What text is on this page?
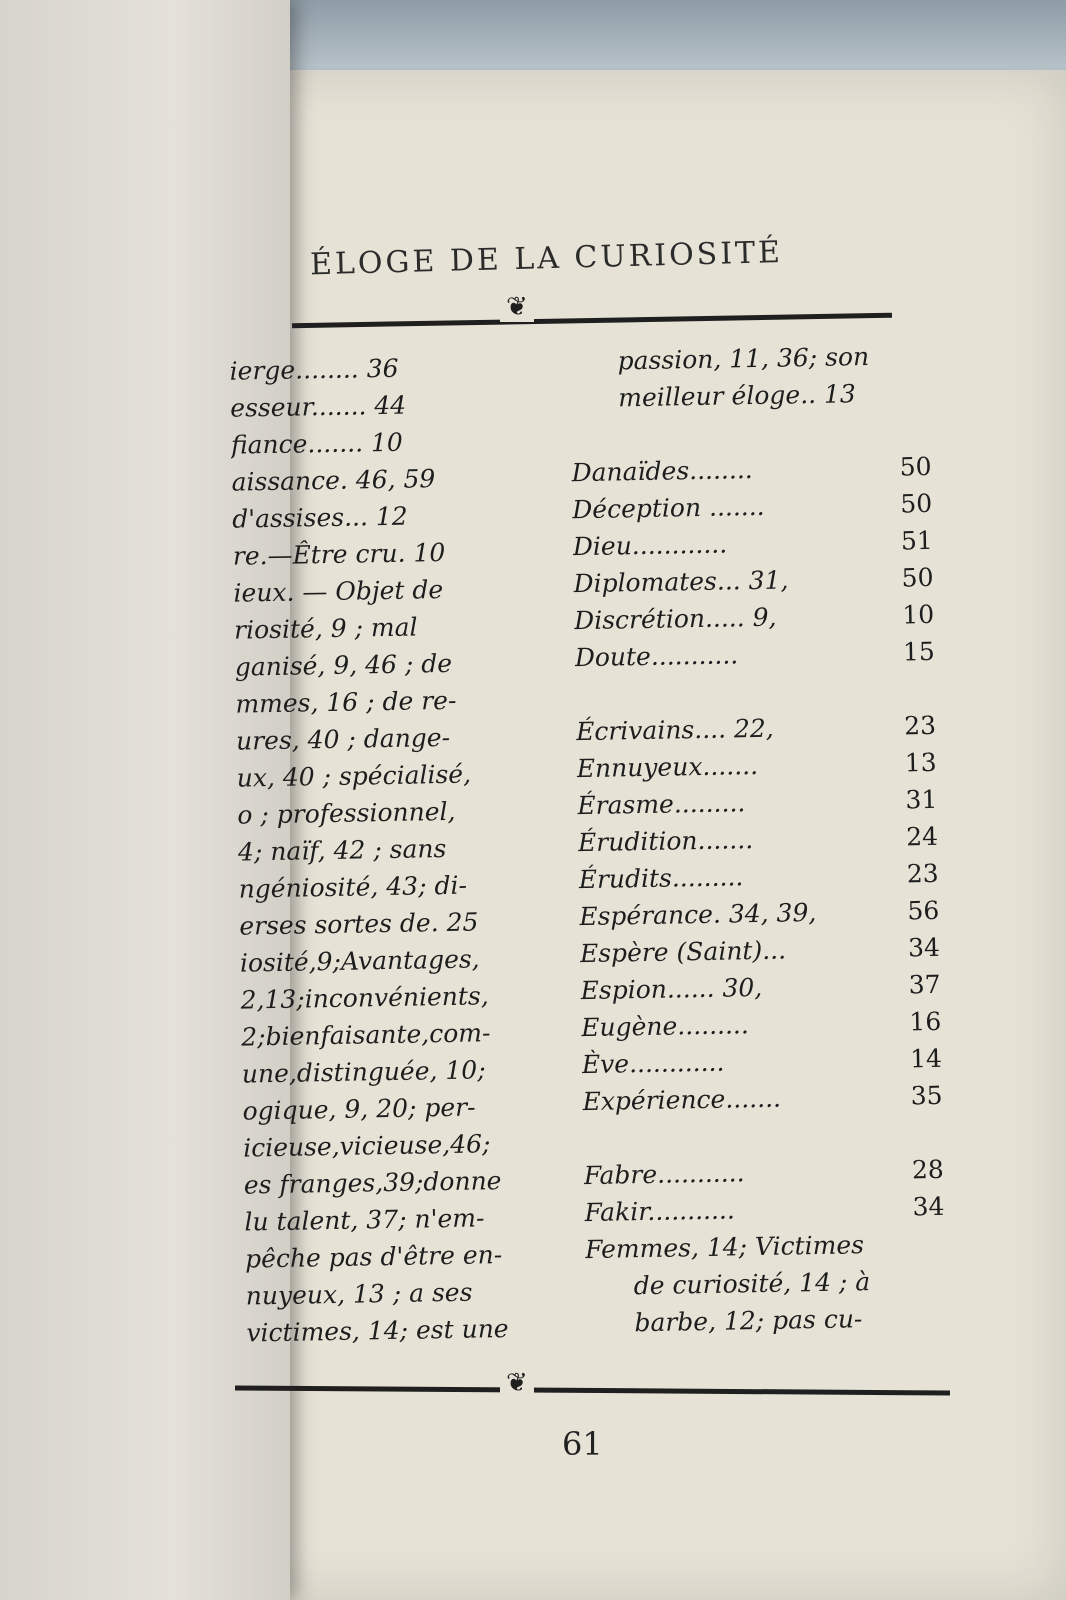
ÉLOGE DE LA CURIOSITÉ
❦
ierge........ 36
esseur....... 44
fiance....... 10
aissance. 46, 59
d'assises... 12
re.—Être cru. 10
ieux. — Objet de
riosité, 9 ; mal
ganisé, 9, 46 ; de
mmes, 16 ; de re-
ures, 40 ; dange-
ux, 40 ; spécialisé,
o ; professionnel,
4; naïf, 42 ; sans
ngéniosité, 43; di-
erses sortes de. 25
iosité,9;Avantages,
2,13;inconvénients,
2;bienfaisante,com-
une,distinguée, 10;
ogique, 9, 20; per-
icieuse,vicieuse,46;
es franges,39;donne
lu talent, 37; n'em-
pêche pas d'être en-
nuyeux, 13 ; a ses
victimes, 14; est une
passion, 11, 36; son
meilleur éloge.. 13
Danaïdes........	50
Déception .......	50
Dieu............	51
Diplomates... 31,	50
Discrétion..... 9,	10
Doute...........	15
Écrivains.... 22,	23
Ennuyeux.......	13
Érasme.........	31
Érudition.......	24
Érudits.........	23
Espérance. 34, 39,	56
Espère (Saint)...	34
Espion...... 30,	37
Eugène.........	16
Ève............	14
Expérience.......	35
Fabre...........	28
Fakir...........	34
Femmes, 14; Victimes
de curiosité, 14 ; à
barbe, 12; pas cu-
❦
61
